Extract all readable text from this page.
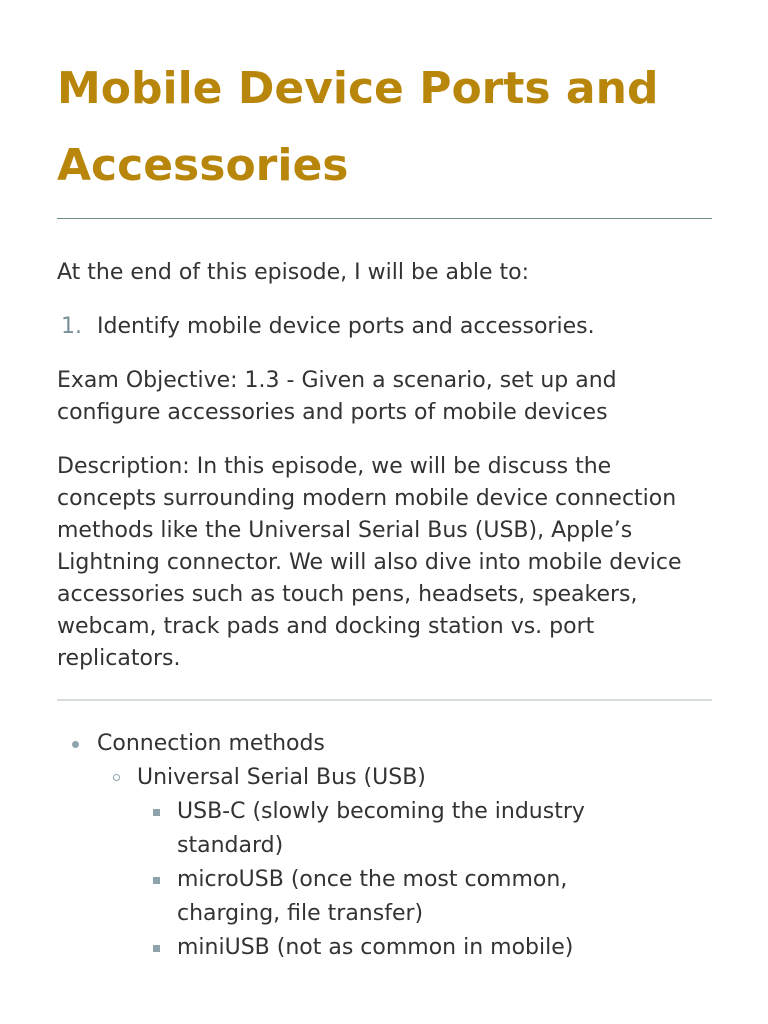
Mobile Device Ports and Accessories

At the end of this episode, I will be able to:

1. Identify mobile device ports and accessories.

Exam Objective: 1.3 - Given a scenario, set up and configure accessories and ports of mobile devices

Description: In this episode, we will be discuss the concepts surrounding modern mobile device connection methods like the Universal Serial Bus (USB), Apple’s Lightning connector. We will also dive into mobile device accessories such as touch pens, headsets, speakers, webcam, track pads and docking station vs. port replicators.

Connection methods
Universal Serial Bus (USB)
USB-C (slowly becoming the industry standard)
microUSB (once the most common, charging, file transfer)
miniUSB (not as common in mobile)
